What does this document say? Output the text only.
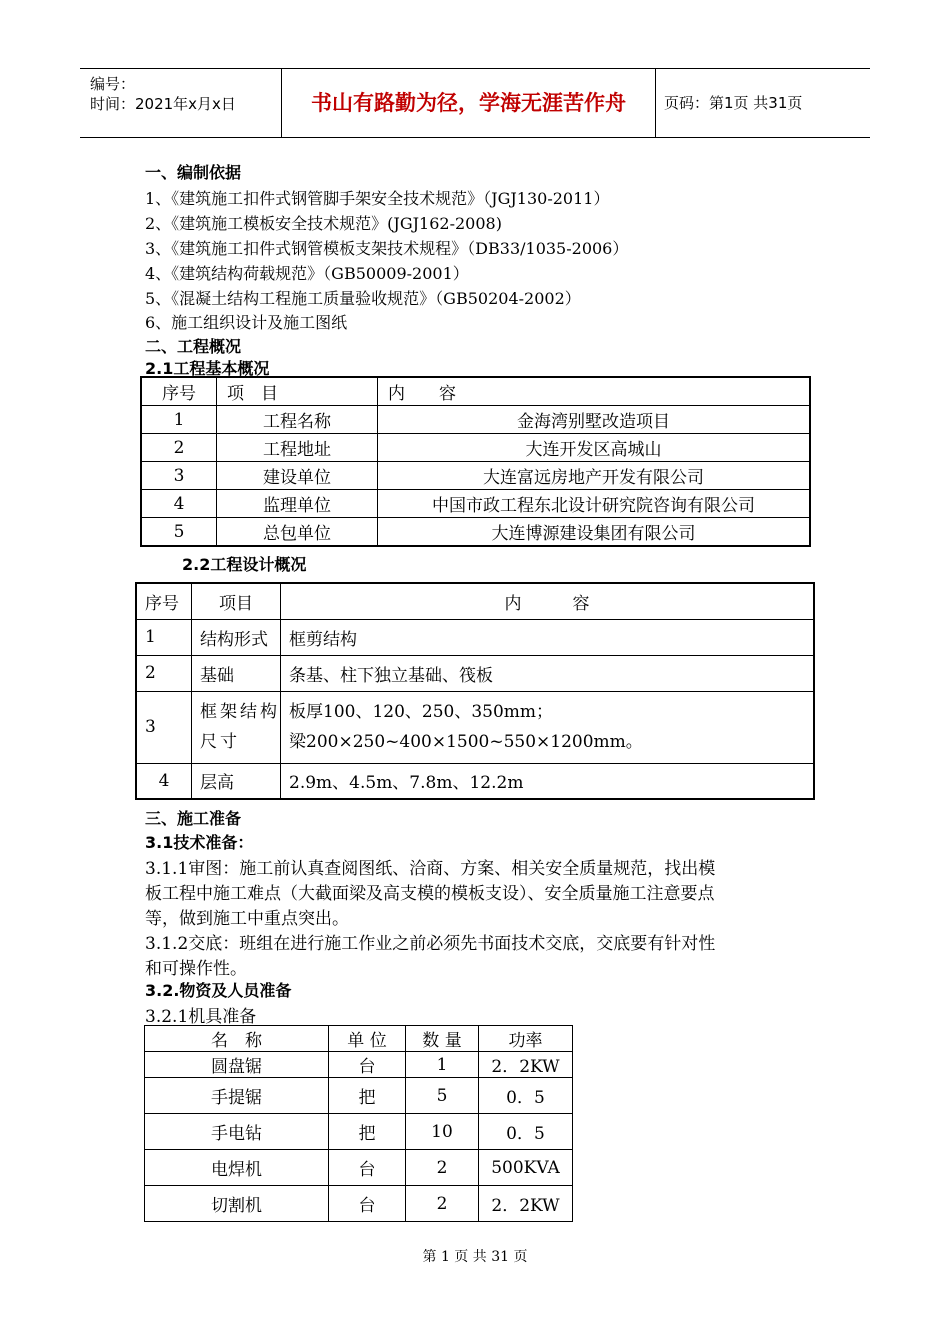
编号：
时间：2021年x月x日	书山有路勤为径，学海无涯苦作舟	页码：第1页 共31页
一、编制依据
1、《建筑施工扣件式钢管脚手架安全技术规范》（JGJ130-2011）
2、《建筑施工模板安全技术规范》(JGJ162-2008)
3、《建筑施工扣件式钢管模板支架技术规程》（DB33/1035-2006）
4、《建筑结构荷载规范》（GB50009-2001）
5、《混凝土结构工程施工质量验收规范》（GB50204-2002）
6、施工组织设计及施工图纸
二、工程概况
2.1工程基本概况
序号	项　目	内　　容
1	工程名称	金海湾别墅改造项目
2	工程地址	大连开发区高城山
3	建设单位	大连富远房地产开发有限公司
4	监理单位	中国市政工程东北设计研究院咨询有限公司
5	总包单位	大连博源建设集团有限公司
2.2工程设计概况
序号	项目	内　　　容
1	结构形式	框剪结构
2	基础	条基、柱下独立基础、筏板
3	框架结构尺寸	板厚100、120、250、350mm；
梁200×250~400×1500~550×1200mm。

4	层高	2.9m、4.5m、7.8m、12.2m
三、施工准备
3.1技术准备：
3.1.1审图：施工前认真查阅图纸、洽商、方案、相关安全质量规范，找出模
板工程中施工难点（大截面梁及高支模的模板支设）、安全质量施工注意要点
等，做到施工中重点突出。
3.1.2交底：班组在进行施工作业之前必须先书面技术交底，交底要有针对性
和可操作性。
3.2.物资及人员准备
3.2.1机具准备
名　称	单 位	数 量	功率
圆盘锯	台	1	2．2KW
手提锯	把	5	0．5
手电钻	把	10	0．5
电焊机	台	2	500KVA
切割机	台	2	2．2KW
第 1 页 共 31 页
